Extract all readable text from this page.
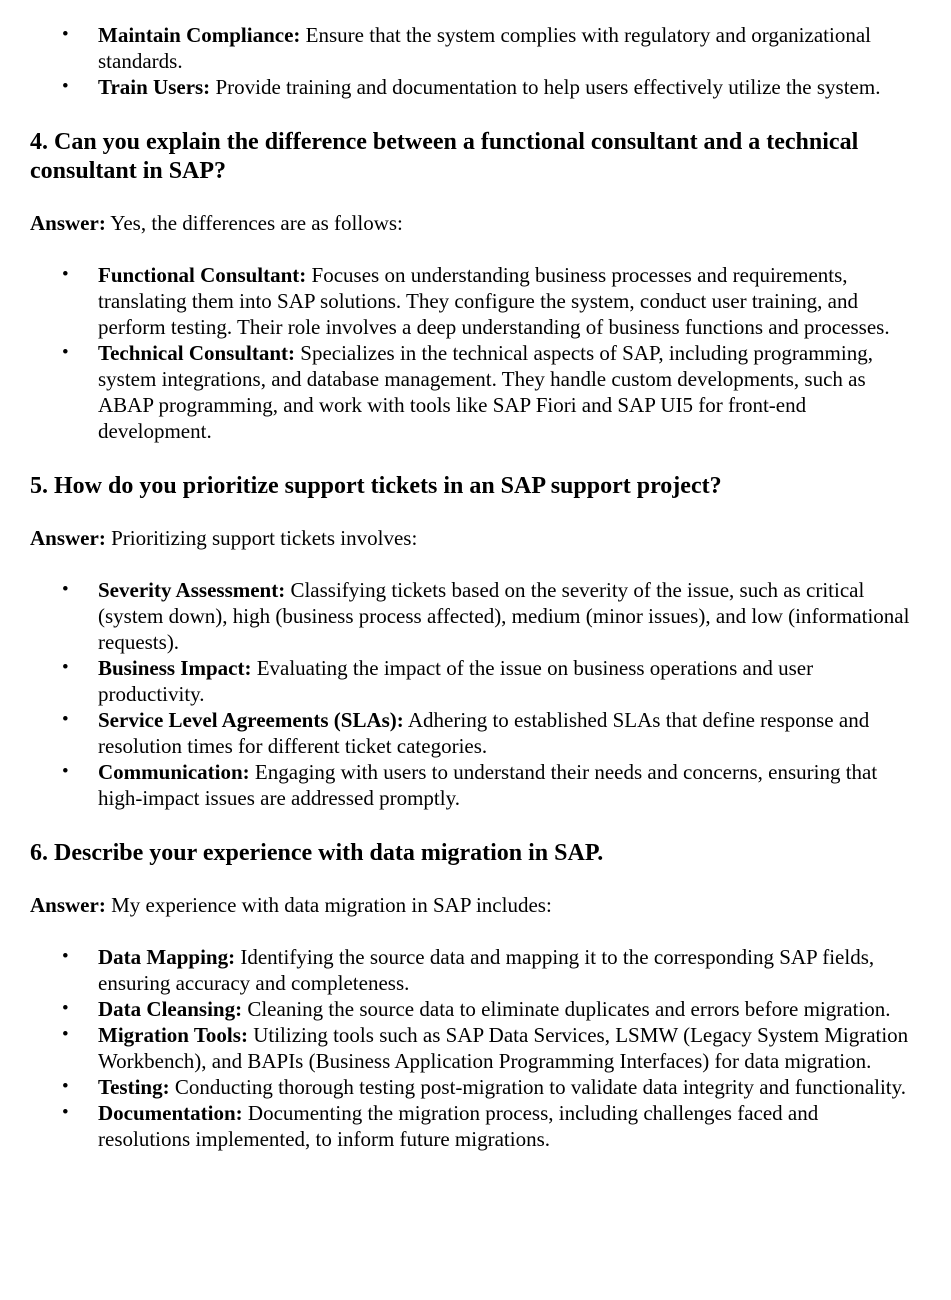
• Maintain Compliance: Ensure that the system complies with regulatory and organizational standards.
• Train Users: Provide training and documentation to help users effectively utilize the system.
4. Can you explain the difference between a functional consultant and a technical consultant in SAP?

Answer: Yes, the differences are as follows:

• Functional Consultant: Focuses on understanding business processes and requirements, translating them into SAP solutions. They configure the system, conduct user training, and perform testing. Their role involves a deep understanding of business functions and processes.
• Technical Consultant: Specializes in the technical aspects of SAP, including programming, system integrations, and database management. They handle custom developments, such as ABAP programming, and work with tools like SAP Fiori and SAP UI5 for front-end development.
5. How do you prioritize support tickets in an SAP support project?

Answer: Prioritizing support tickets involves:

• Severity Assessment: Classifying tickets based on the severity of the issue, such as critical (system down), high (business process affected), medium (minor issues), and low (informational requests).
• Business Impact: Evaluating the impact of the issue on business operations and user productivity.
• Service Level Agreements (SLAs): Adhering to established SLAs that define response and resolution times for different ticket categories.
• Communication: Engaging with users to understand their needs and concerns, ensuring that high-impact issues are addressed promptly.
6. Describe your experience with data migration in SAP.

Answer: My experience with data migration in SAP includes:

• Data Mapping: Identifying the source data and mapping it to the corresponding SAP fields, ensuring accuracy and completeness.
• Data Cleansing: Cleaning the source data to eliminate duplicates and errors before migration.
• Migration Tools: Utilizing tools such as SAP Data Services, LSMW (Legacy System Migration Workbench), and BAPIs (Business Application Programming Interfaces) for data migration.
• Testing: Conducting thorough testing post-migration to validate data integrity and functionality.
• Documentation: Documenting the migration process, including challenges faced and resolutions implemented, to inform future migrations.
